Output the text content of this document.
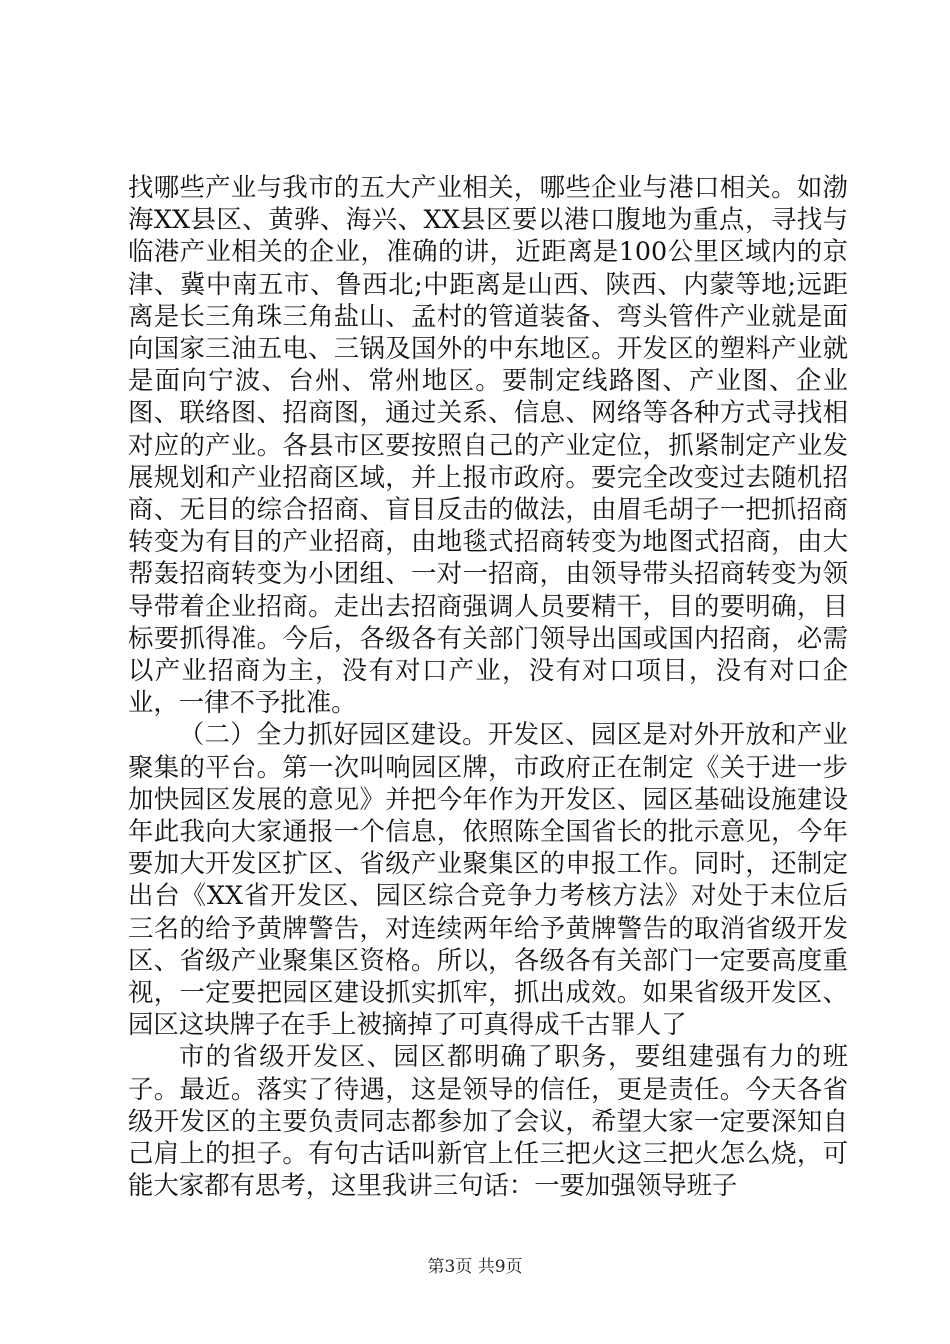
找哪些产业与我市的五大产业相关，哪些企业与港口相关。如渤海XX县区、黄骅、海兴、XX县区要以港口腹地为重点，寻找与临港产业相关的企业，准确的讲，近距离是100公里区域内的京津、冀中南五市、鲁西北;中距离是山西、陕西、内蒙等地;远距离是长三角珠三角盐山、孟村的管道装备、弯头管件产业就是面向国家三油五电、三锅及国外的中东地区。开发区的塑料产业就是面向宁波、台州、常州地区。要制定线路图、产业图、企业图、联络图、招商图，通过关系、信息、网络等各种方式寻找相对应的产业。各县市区要按照自己的产业定位，抓紧制定产业发展规划和产业招商区域，并上报市政府。要完全改变过去随机招商、无目的综合招商、盲目反击的做法，由眉毛胡子一把抓招商转变为有目的产业招商，由地毯式招商转变为地图式招商，由大帮轰招商转变为小团组、一对一招商，由领导带头招商转变为领导带着企业招商。走出去招商强调人员要精干，目的要明确，目标要抓得准。今后，各级各有关部门领导出国或国内招商，必需以产业招商为主，没有对口产业，没有对口项目，没有对口企业，一律不予批准。

（二）全力抓好园区建设。开发区、园区是对外开放和产业聚集的平台。第一次叫响园区牌，市政府正在制定《关于进一步加快园区发展的意见》并把今年作为开发区、园区基础设施建设年此我向大家通报一个信息，依照陈全国省长的批示意见，今年要加大开发区扩区、省级产业聚集区的申报工作。同时，还制定出台《XX省开发区、园区综合竞争力考核方法》对处于末位后三名的给予黄牌警告，对连续两年给予黄牌警告的取消省级开发区、省级产业聚集区资格。所以，各级各有关部门一定要高度重视，一定要把园区建设抓实抓牢，抓出成效。如果省级开发区、园区这块牌子在手上被摘掉了可真得成千古罪人了

市的省级开发区、园区都明确了职务，要组建强有力的班子。最近。落实了待遇，这是领导的信任，更是责任。今天各省级开发区的主要负责同志都参加了会议，希望大家一定要深知自己肩上的担子。有句古话叫新官上任三把火这三把火怎么烧，可能大家都有思考，这里我讲三句话：一要加强领导班子

第3页 共9页
